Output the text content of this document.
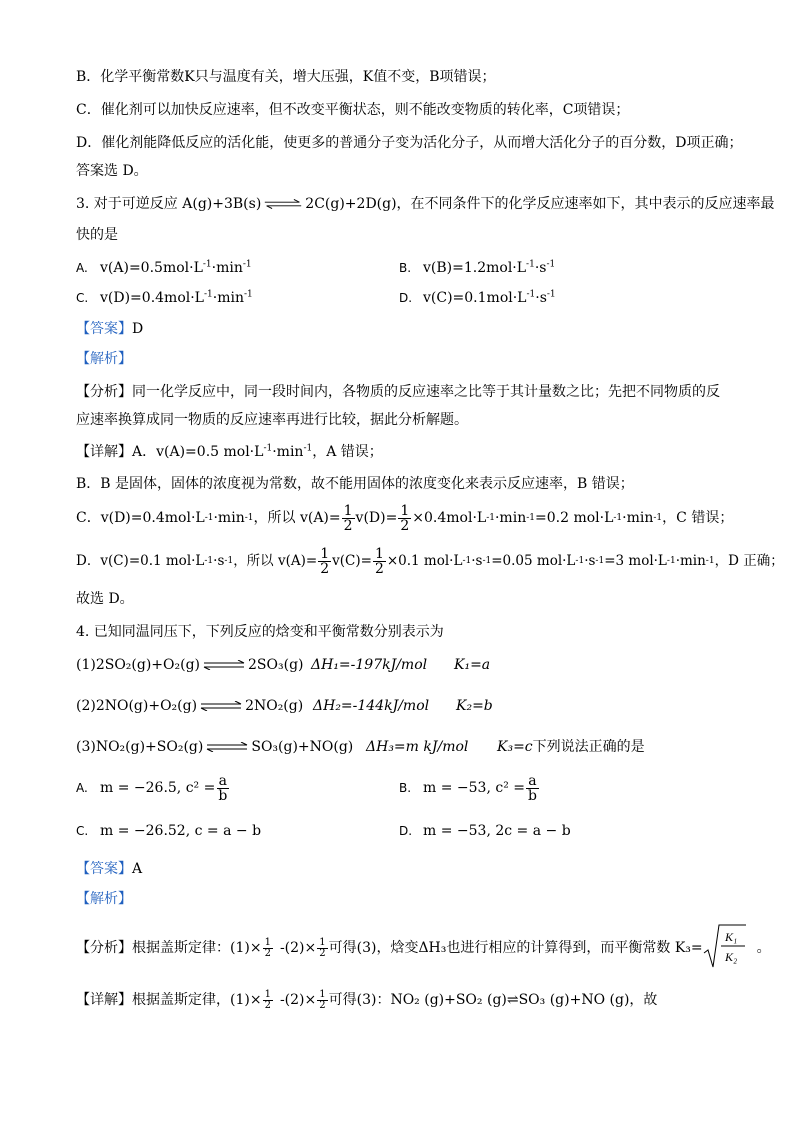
B．化学平衡常数K只与温度有关，增大压强，K值不变，B项错误；
C．催化剂可以加快反应速率，但不改变平衡状态，则不能改变物质的转化率，C项错误；
D．催化剂能降低反应的活化能，使更多的普通分子变为活化分子，从而增大活化分子的百分数，D项正确；
答案选 D。
3. 对于可逆反应 A(g)+3B(s) ⇌ 2C(g)+2D(g)，在不同条件下的化学反应速率如下，其中表示的反应速率最
快的是
A. $v(A)=0.5mol\cdot L^{-1}\cdot\min^{-1}$	B. $v(B)=1.2mol\cdot L^{-1}\cdot s^{-1}$
C. $v(D)=0.4mol\cdot L^{-1}\cdot\min^{-1}$	D. $v(C)=0.1mol\cdot L^{-1}\cdot s^{-1}$
【答案】D
【解析】
【分析】同一化学反应中，同一段时间内，各物质的反应速率之比等于其计量数之比；先把不同物质的反
应速率换算成同一物质的反应速率再进行比较，据此分析解题。
【详解】A．v(A)=0.5 $mol\cdot L^{-1}\cdot\min^{-1}$，A 错误；
B．B 是固体，固体的浓度视为常数，故不能用固体的浓度变化来表示反应速率，B 错误；
C．v(D)=0.4mol·L -1 ·min -1 ，所以 $v(A)= \frac{1}{2} v(D)= \frac{1}{2} \times 0.4mol\cdot L$ -1 ·min -1 =0.2 mol·L -1 ·min -1 ，C 错误；
D．v(C)=0.1 mol·L -1 ·s -1 ，所以 $v(A)= \frac{1}{2} v(C)= \frac{1}{2} \times 0.1$ mol·L -1 ·s -1 =0.05 mol·L -1 ·s -1 =3 mol·L -1 ·min -1 ，D 正确；
故选 D。
4. 已知同温同压下，下列反应的焓变和平衡常数分别表示为
(1)2SO₂(g)+O₂(g) ⇌ 2SO₃(g) ΔH₁=-197kJ/mol K₁=a
(2)2NO(g)+O₂(g) ⇌ 2NO₂(g) ΔH₂=-144kJ/mol K₂=b
(3)NO₂(g)+SO₂(g) ⇌ SO₃(g)+NO(g) ΔH₃=m kJ/mol K₃=c下列说法正确的是
A. m = −26.5, $c^2 = \frac{a}{b}$	B. m = −53, $c^2 = \frac{a}{b}$
C. m = −26.52, c = a − b	D. m = −53, 2c = a − b
【答案】A
【解析】
【分析】 根据盖斯定律：$(1)\times \frac{1}{2} -(2)\times \frac{1}{2}$ 可得(3)，焓变ΔH₃也进行相应的计算得到，而平衡常数 K₃=
K₁
K₂
。
【详解】 根据盖斯定律，$(1)\times \frac{1}{2} -(2)\times \frac{1}{2}$ 可得(3)：NO₂ (g)+SO₂ (g)⇌SO₃ (g)+NO (g)，故
